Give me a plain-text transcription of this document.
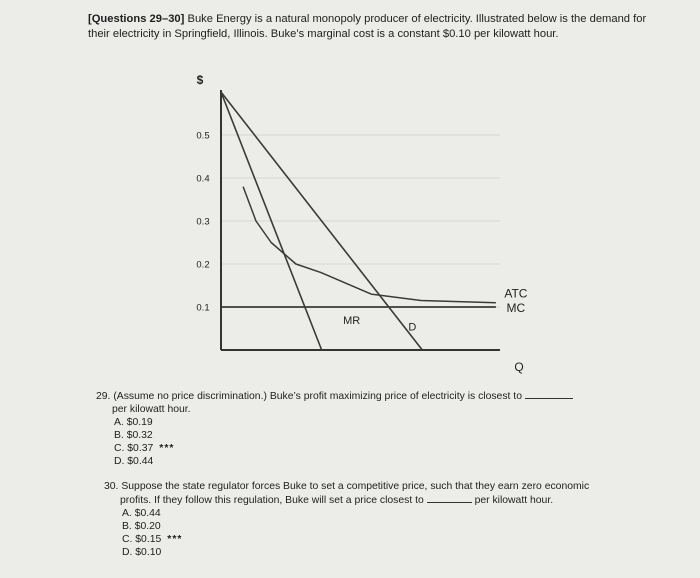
[Questions 29–30] Buke Energy is a natural monopoly producer of electricity. Illustrated below is the demand for their electricity in Springfield, Illinois. Buke’s marginal cost is a constant $0.10 per kilowatt hour.
0.5
0.4
0.3
0.2
0.1
$
Q
ATC
MC
D
MR
29. (Assume no price discrimination.) Buke’s profit maximizing price of electricity is closest to
per kilowatt hour.
A. $0.19
B. $0.32
C. $0.37 ***
D. $0.44
30. Suppose the state regulator forces Buke to set a competitive price, such that they earn zero economic
profits. If they follow this regulation, Buke will set a price closest to	per kilowatt hour.
A. $0.44
B. $0.20
C. $0.15 ***
D. $0.10
